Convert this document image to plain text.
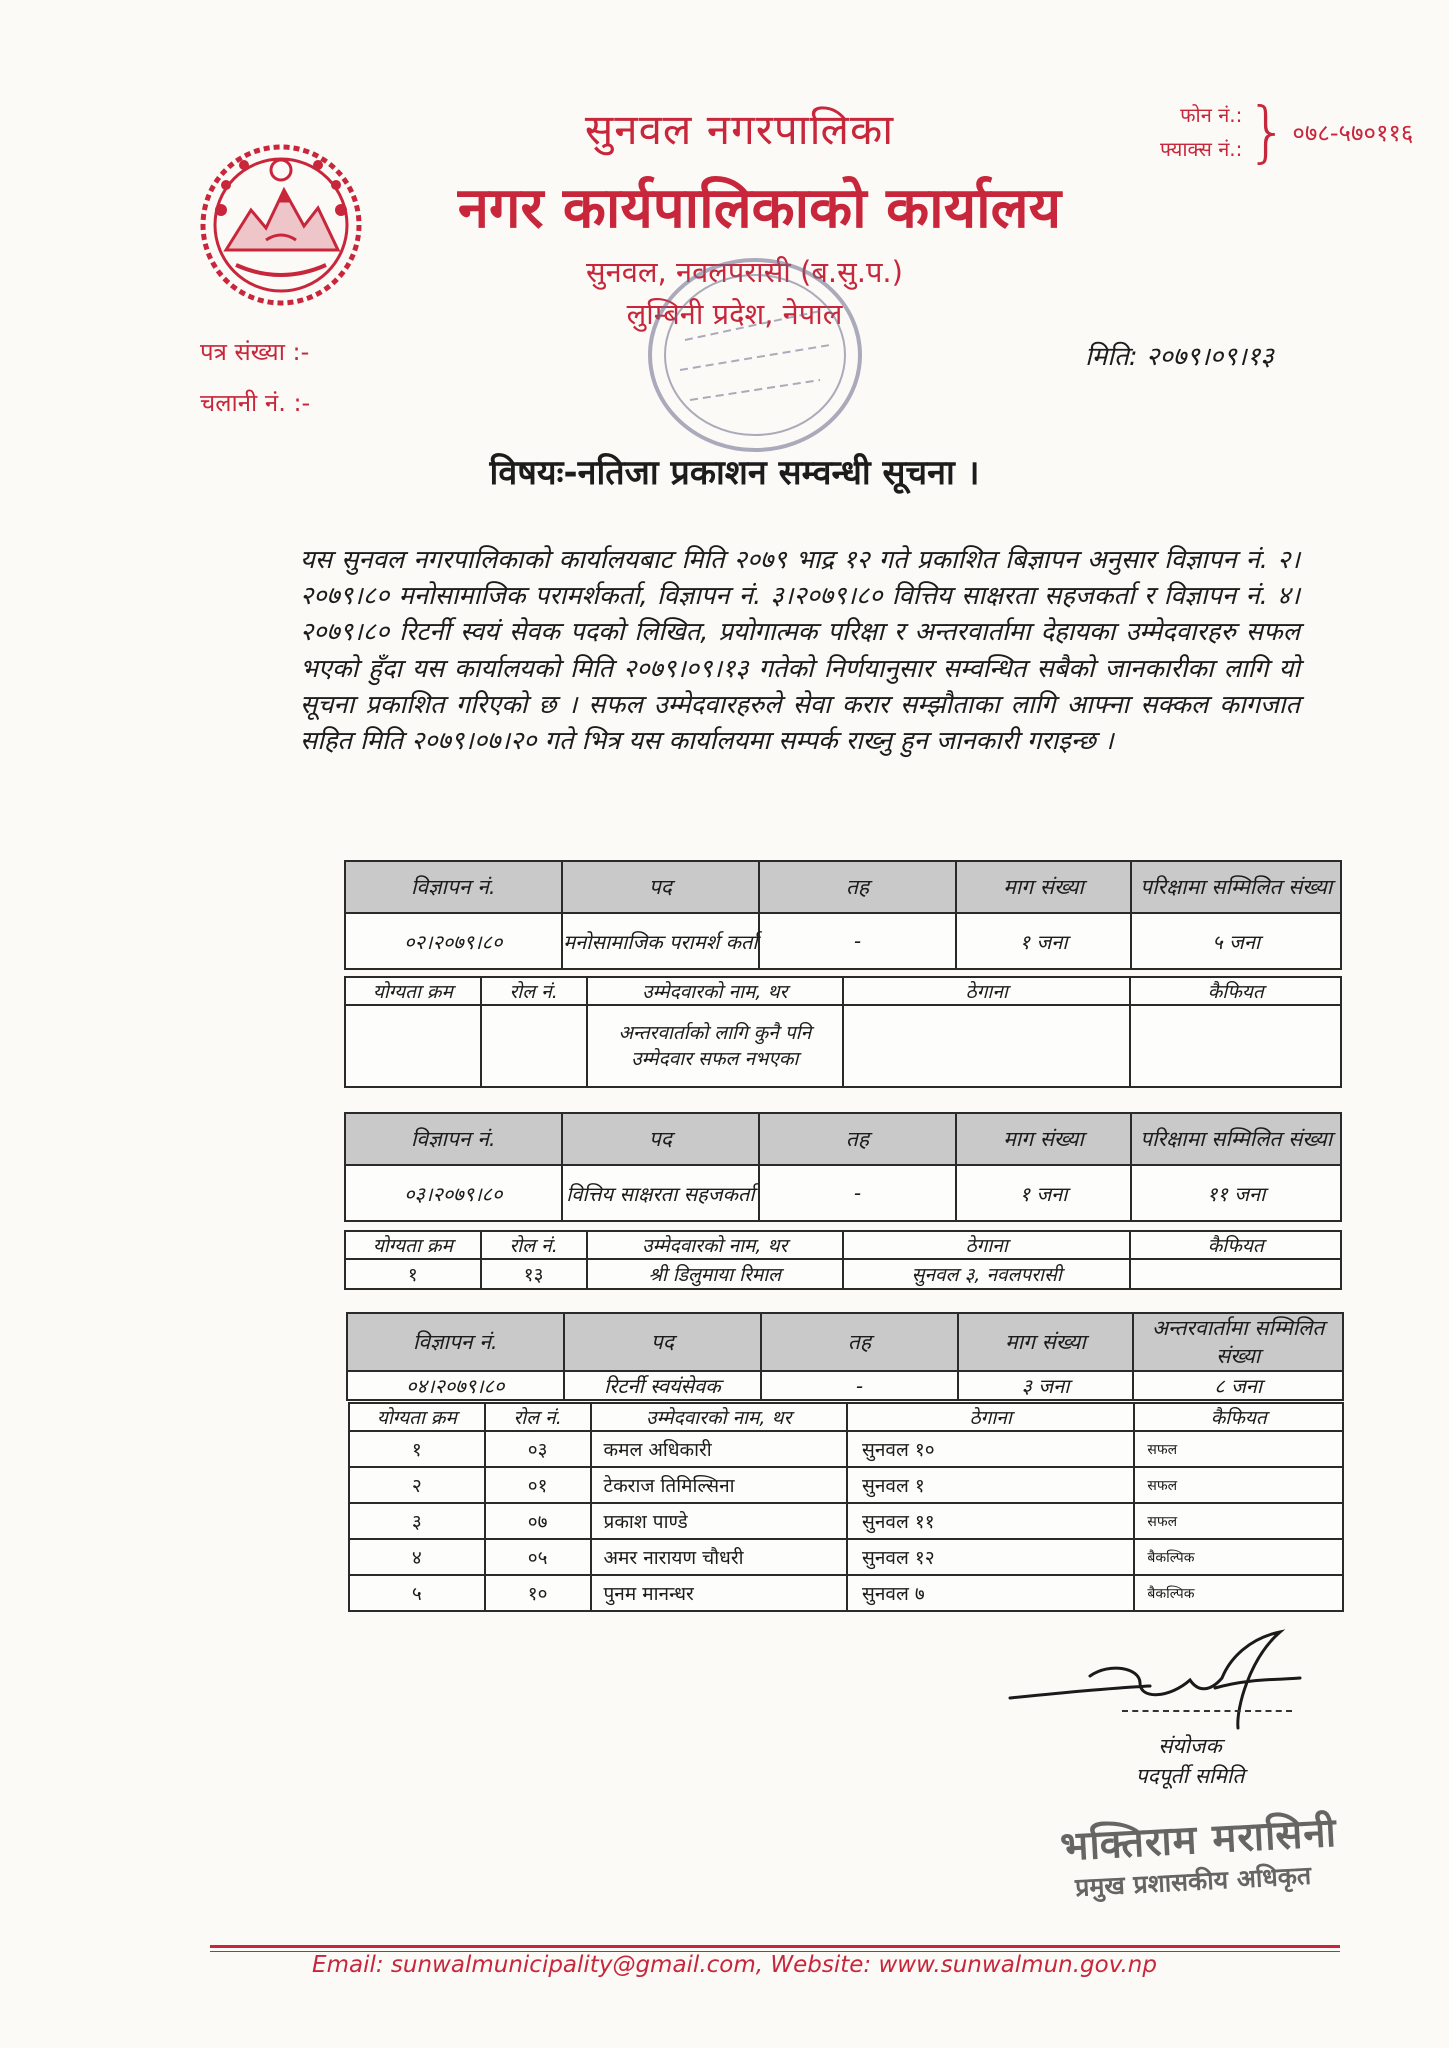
सुनवल नगरपालिका
नगर कार्यपालिकाको कार्यालय
सुनवल, नवलपरासी (ब.सु.प.)
लुम्बिनी प्रदेश, नेपाल
फोन नं.:
फ्याक्स नं.:} ०७८-५७०११६
पत्र संख्या :-
चलानी नं. :-
मिति: २०७९।०९।१३
विषयः-नतिजा प्रकाशन सम्वन्धी सूचना ।
यस सुनवल नगरपालिकाको कार्यालयबाट मिति २०७९ भाद्र १२ गते प्रकाशित बिज्ञापन अनुसार विज्ञापन नं. २।२०७९।८० मनोसामाजिक परामर्शकर्ता, विज्ञापन नं. ३।२०७९।८० वित्तिय साक्षरता सहजकर्ता र विज्ञापन नं. ४।२०७९।८० रिटर्नी स्वयं सेवक पदको लिखित, प्रयोगात्मक परिक्षा र अन्तरवार्तामा देहायका उम्मेदवारहरु सफल भएको हुँदा यस कार्यालयको मिति २०७९।०९।१३ गतेको निर्णयानुसार सम्वन्धित सबैको जानकारीका लागि यो सूचना प्रकाशित गरिएको छ । सफल उम्मेदवारहरुले सेवा करार सम्झौताका लागि आफ्ना सक्कल कागजात सहित मिति २०७९।०७।२० गते भित्र यस कार्यालयमा सम्पर्क राख्नु हुन जानकारी गराइन्छ ।
विज्ञापन नं.	पद	तह	माग संख्या	परिक्षामा सम्मिलित संख्या
०२।२०७९।८०	मनोसामाजिक परामर्श कर्ता	-	१ जना	५ जना
योग्यता क्रम	रोल नं.	उम्मेदवारको नाम, थर	ठेगाना	कैफियत
		अन्तरवार्ताको लागि कुनै पनि उम्मेदवार सफल नभएका		
विज्ञापन नं.	पद	तह	माग संख्या	परिक्षामा सम्मिलित संख्या
०३।२०७९।८०	वित्तिय साक्षरता सहजकर्ता	-	१ जना	११ जना
योग्यता क्रम	रोल नं.	उम्मेदवारको नाम, थर	ठेगाना	कैफियत
१	१३	श्री डिलुमाया रिमाल	सुनवल ३, नवलपरासी	
विज्ञापन नं.	पद	तह	माग संख्या	अन्तरवार्तामा सम्मिलित संख्या
०४।२०७९।८०	रिटर्नी स्वयंसेवक	-	३ जना	८ जना
योग्यता क्रम	रोल नं.	उम्मेदवारको नाम, थर	ठेगाना	कैफियत
१	०३	कमल अधिकारी	सुनवल १०	सफल
२	०१	टेकराज तिमिल्सिना	सुनवल १	सफल
३	०७	प्रकाश पाण्डे	सुनवल ११	सफल
४	०५	अमर नारायण चौधरी	सुनवल १२	बैकल्पिक
५	१०	पुनम मानन्धर	सुनवल ७	बैकल्पिक
संयोजक
पदपूर्ती समिति
भक्तिराम मरासिनी
प्रमुख प्रशासकीय अधिकृत
Email: sunwalmunicipality@gmail.com, Website: www.sunwalmun.gov.np
